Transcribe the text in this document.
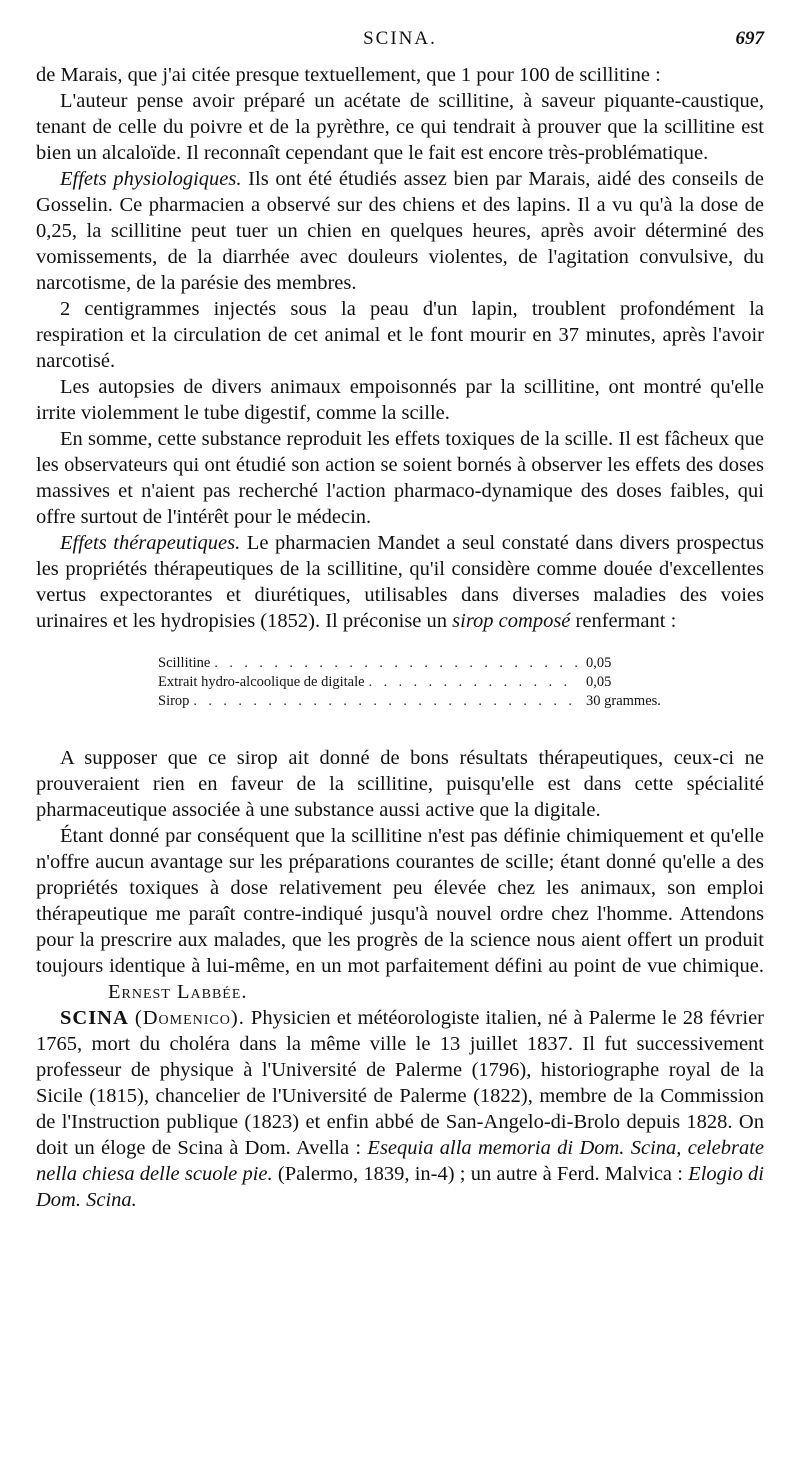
SCINA.	697

de Marais, que j'ai citée presque textuellement, que 1 pour 100 de scillitine :

L'auteur pense avoir préparé un acétate de scillitine, à saveur piquante-caustique, tenant de celle du poivre et de la pyrèthre, ce qui tendrait à prouver que la scillitine est bien un alcaloïde. Il reconnaît cependant que le fait est encore très-problématique.

Effets physiologiques. Ils ont été étudiés assez bien par Marais, aidé des conseils de Gosselin. Ce pharmacien a observé sur des chiens et des lapins. Il a vu qu'à la dose de 0,25, la scillitine peut tuer un chien en quelques heures, après avoir déterminé des vomissements, de la diarrhée avec douleurs violentes, de l'agitation convulsive, du narcotisme, de la parésie des membres.

2 centigrammes injectés sous la peau d'un lapin, troublent profondément la respiration et la circulation de cet animal et le font mourir en 37 minutes, après l'avoir narcotisé.

Les autopsies de divers animaux empoisonnés par la scillitine, ont montré qu'elle irrite violemment le tube digestif, comme la scille.

En somme, cette substance reproduit les effets toxiques de la scille. Il est fâcheux que les observateurs qui ont étudié son action se soient bornés à observer les effets des doses massives et n'aient pas recherché l'action pharmaco-dynamique des doses faibles, qui offre surtout de l'intérêt pour le médecin.

Effets thérapeutiques. Le pharmacien Mandet a seul constaté dans divers prospectus les propriétés thérapeutiques de la scillitine, qu'il considère comme douée d'excellentes vertus expectorantes et diurétiques, utilisables dans diverses maladies des voies urinaires et les hydropisies (1852). Il préconise un sirop composé renfermant :

Scillitine . . .	0,05
Extrait hydro-alcoolique de digitale . . .	0,05
Sirop . . .	30 grammes.

A supposer que ce sirop ait donné de bons résultats thérapeutiques, ceux-ci ne prouveraient rien en faveur de la scillitine, puisqu'elle est dans cette spécialité pharmaceutique associée à une substance aussi active que la digitale.

Étant donné par conséquent que la scillitine n'est pas définie chimiquement et qu'elle n'offre aucun avantage sur les préparations courantes de scille; étant donné qu'elle a des propriétés toxiques à dose relativement peu élevée chez les animaux, son emploi thérapeutique me paraît contre-indiqué jusqu'à nouvel ordre chez l'homme. Attendons pour la prescrire aux malades, que les progrès de la science nous aient offert un produit toujours identique à lui-même, en un mot parfaitement défini au point de vue chimique.Ernest Labbée.

SCINA (Domenico). Physicien et météorologiste italien, né à Palerme le 28 février 1765, mort du choléra dans la même ville le 13 juillet 1837. Il fut successivement professeur de physique à l'Université de Palerme (1796), historiographe royal de la Sicile (1815), chancelier de l'Université de Palerme (1822), membre de la Commission de l'Instruction publique (1823) et enfin abbé de San-Angelo-di-Brolo depuis 1828. On doit un éloge de Scina à Dom. Avella : Esequia alla memoria di Dom. Scina, celebrate nella chiesa delle scuole pie. (Palermo, 1839, in-4) ; un autre à Ferd. Malvica : Elogio di Dom. Scina.
